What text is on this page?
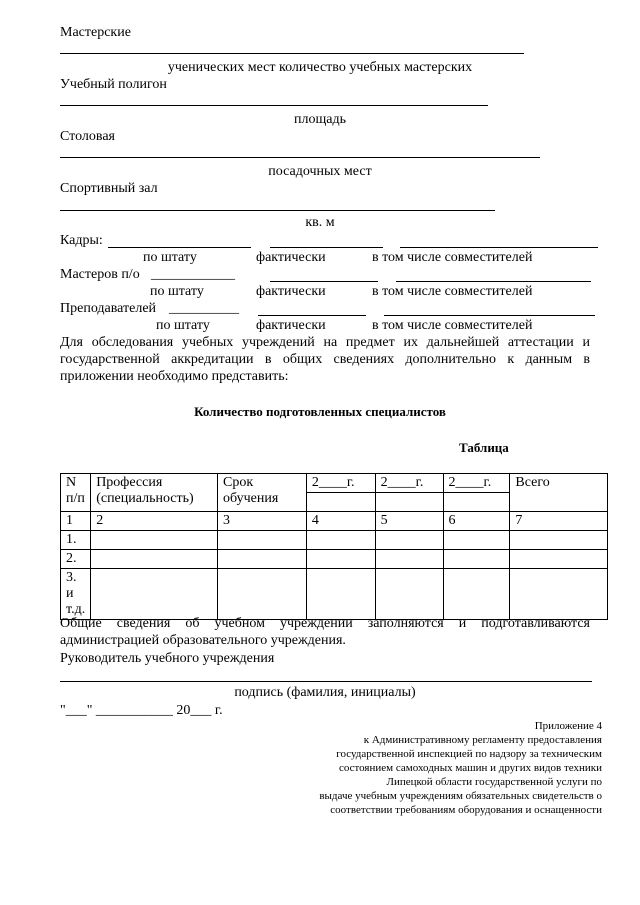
Мастерские
ученических мест количество учебных мастерских
Учебный полигон
площадь
Столовая
посадочных мест
Спортивный зал
кв. м
Кадры:
по штату	фактически	в том числе совместителей
Мастеров п/о ____________
по штату	фактически	в том числе совместителей
Преподавателей __________
по штату	фактически	в том числе совместителей
Для обследования учебных учреждений на предмет их дальнейшей аттестации и государственной аккредитации в общих сведениях дополнительно к данным в приложении необходимо представить:
Количество подготовленных специалистов
Таблица
N п/п	Профессия (специальность)	Срок обучения	2____г.	2____г.	2____г.	Всего

1	2	3	4	5	6	7
1.						
2.						
3. и т.д.						
Общие сведения об учебном учреждении заполняются и подготавливаются администрацией образовательного учреждения.
Руководитель учебного учреждения
подпись (фамилия, инициалы)
"___" ___________ 20___ г.
Приложение 4
к Административному регламенту предоставления
государственной инспекцией по надзору за техническим
состоянием самоходных машин и других видов техники
Липецкой области государственной услуги по
выдаче учебным учреждениям обязательных свидетельств о
соответствии требованиям оборудования и оснащенности
